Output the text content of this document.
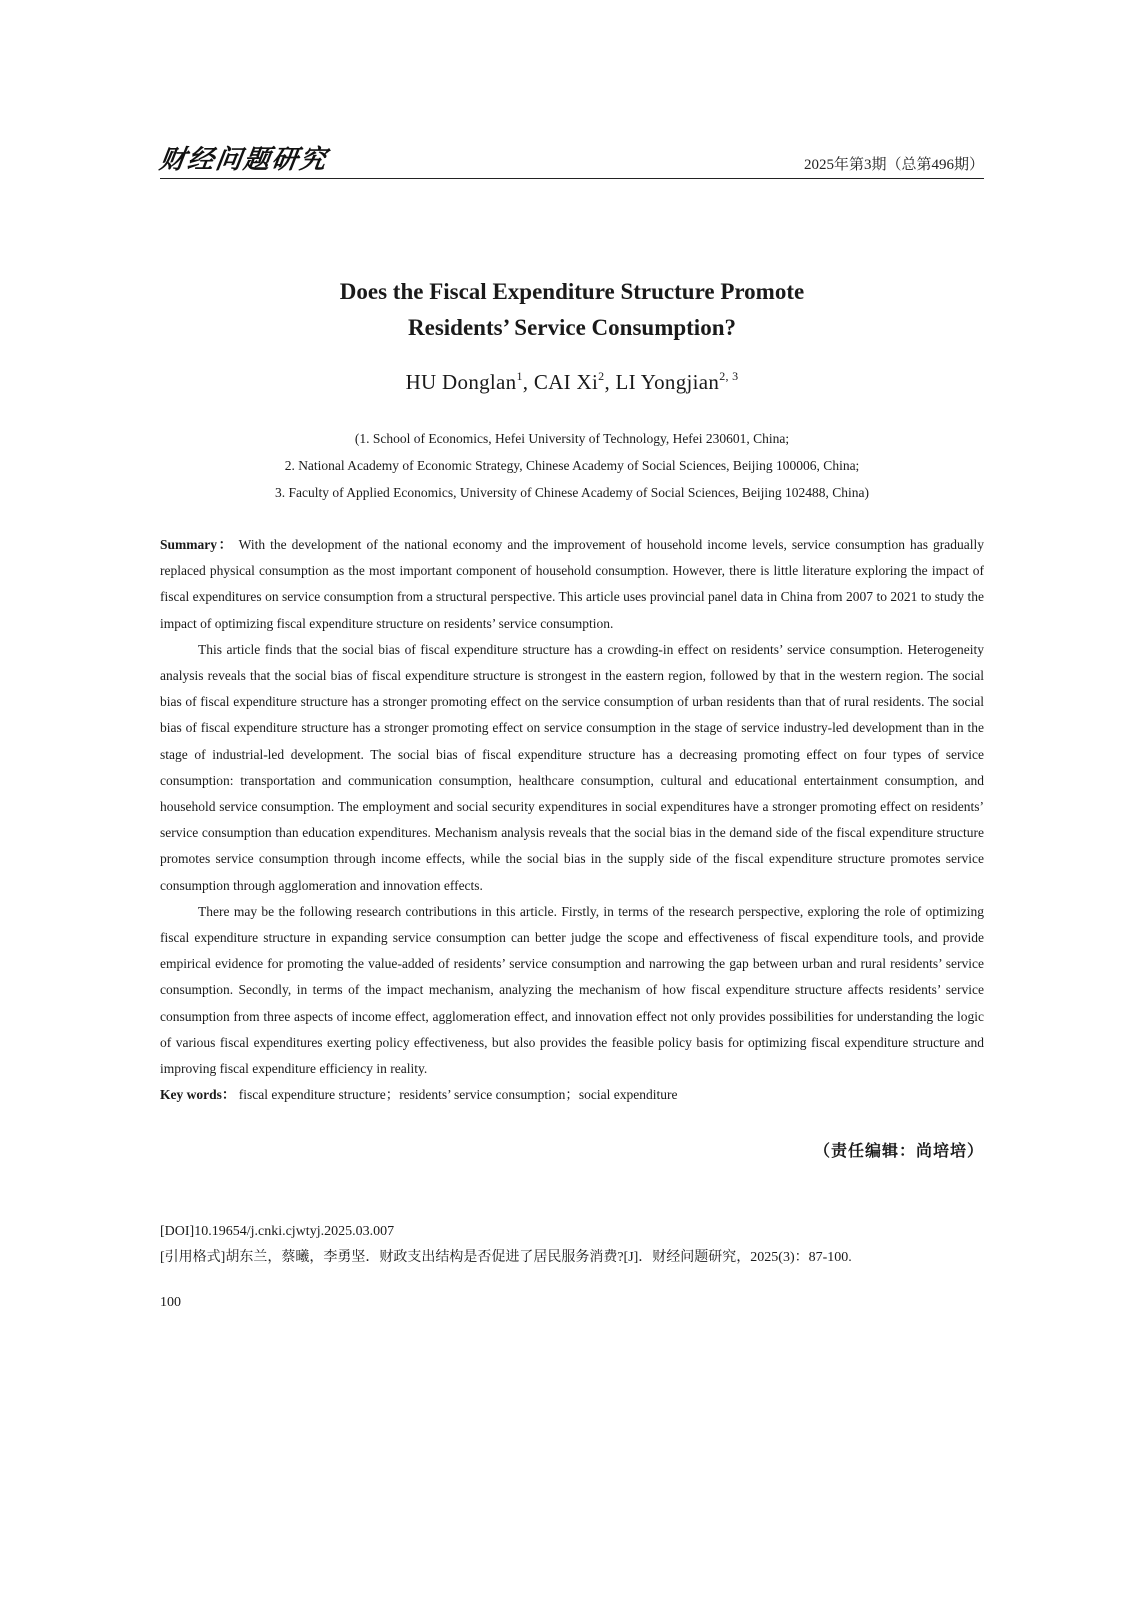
财经问题研究	2025年第3期（总第496期）
Does the Fiscal Expenditure Structure Promote
Residents’ Service Consumption?
HU Donglan$^1$, CAI Xi$^2$, LI Yongjian$^{2, 3}$
(1. School of Economics, Hefei University of Technology, Hefei 230601, China;
2. National Academy of Economic Strategy, Chinese Academy of Social Sciences, Beijing 100006, China;
3. Faculty of Applied Economics, University of Chinese Academy of Social Sciences, Beijing 102488, China)

Summary： With the development of the national economy and the improvement of household income levels, service consumption has gradually replaced physical consumption as the most important component of household consumption. However, there is little literature exploring the impact of fiscal expenditures on service consumption from a structural perspective. This article uses provincial panel data in China from 2007 to 2021 to study the impact of optimizing fiscal expenditure structure on residents’ service consumption.

This article finds that the social bias of fiscal expenditure structure has a crowding-in effect on residents’ service consumption. Heterogeneity analysis reveals that the social bias of fiscal expenditure structure is strongest in the eastern region, followed by that in the western region. The social bias of fiscal expenditure structure has a stronger promoting effect on the service consumption of urban residents than that of rural residents. The social bias of fiscal expenditure structure has a stronger promoting effect on service consumption in the stage of service industry-led development than in the stage of industrial-led development. The social bias of fiscal expenditure structure has a decreasing promoting effect on four types of service consumption: transportation and communication consumption, healthcare consumption, cultural and educational entertainment consumption, and household service consumption. The employment and social security expenditures in social expenditures have a stronger promoting effect on residents’ service consumption than education expenditures. Mechanism analysis reveals that the social bias in the demand side of the fiscal expenditure structure promotes service consumption through income effects, while the social bias in the supply side of the fiscal expenditure structure promotes service consumption through agglomeration and innovation effects.

There may be the following research contributions in this article. Firstly, in terms of the research perspective, exploring the role of optimizing fiscal expenditure structure in expanding service consumption can better judge the scope and effectiveness of fiscal expenditure tools, and provide empirical evidence for promoting the value-added of residents’ service consumption and narrowing the gap between urban and rural residents’ service consumption. Secondly, in terms of the impact mechanism, analyzing the mechanism of how fiscal expenditure structure affects residents’ service consumption from three aspects of income effect, agglomeration effect, and innovation effect not only provides possibilities for understanding the logic of various fiscal expenditures exerting policy effectiveness, but also provides the feasible policy basis for optimizing fiscal expenditure structure and improving fiscal expenditure efficiency in reality.

Key words： fiscal expenditure structure；residents’ service consumption；social expenditure
（责任编辑：尚培培）
[DOI]10.19654/j.cnki.cjwtyj.2025.03.007
[引用格式]胡东兰，蔡曦，李勇坚．财政支出结构是否促进了居民服务消费?[J]．财经问题研究，2025(3)：87-100.
100
